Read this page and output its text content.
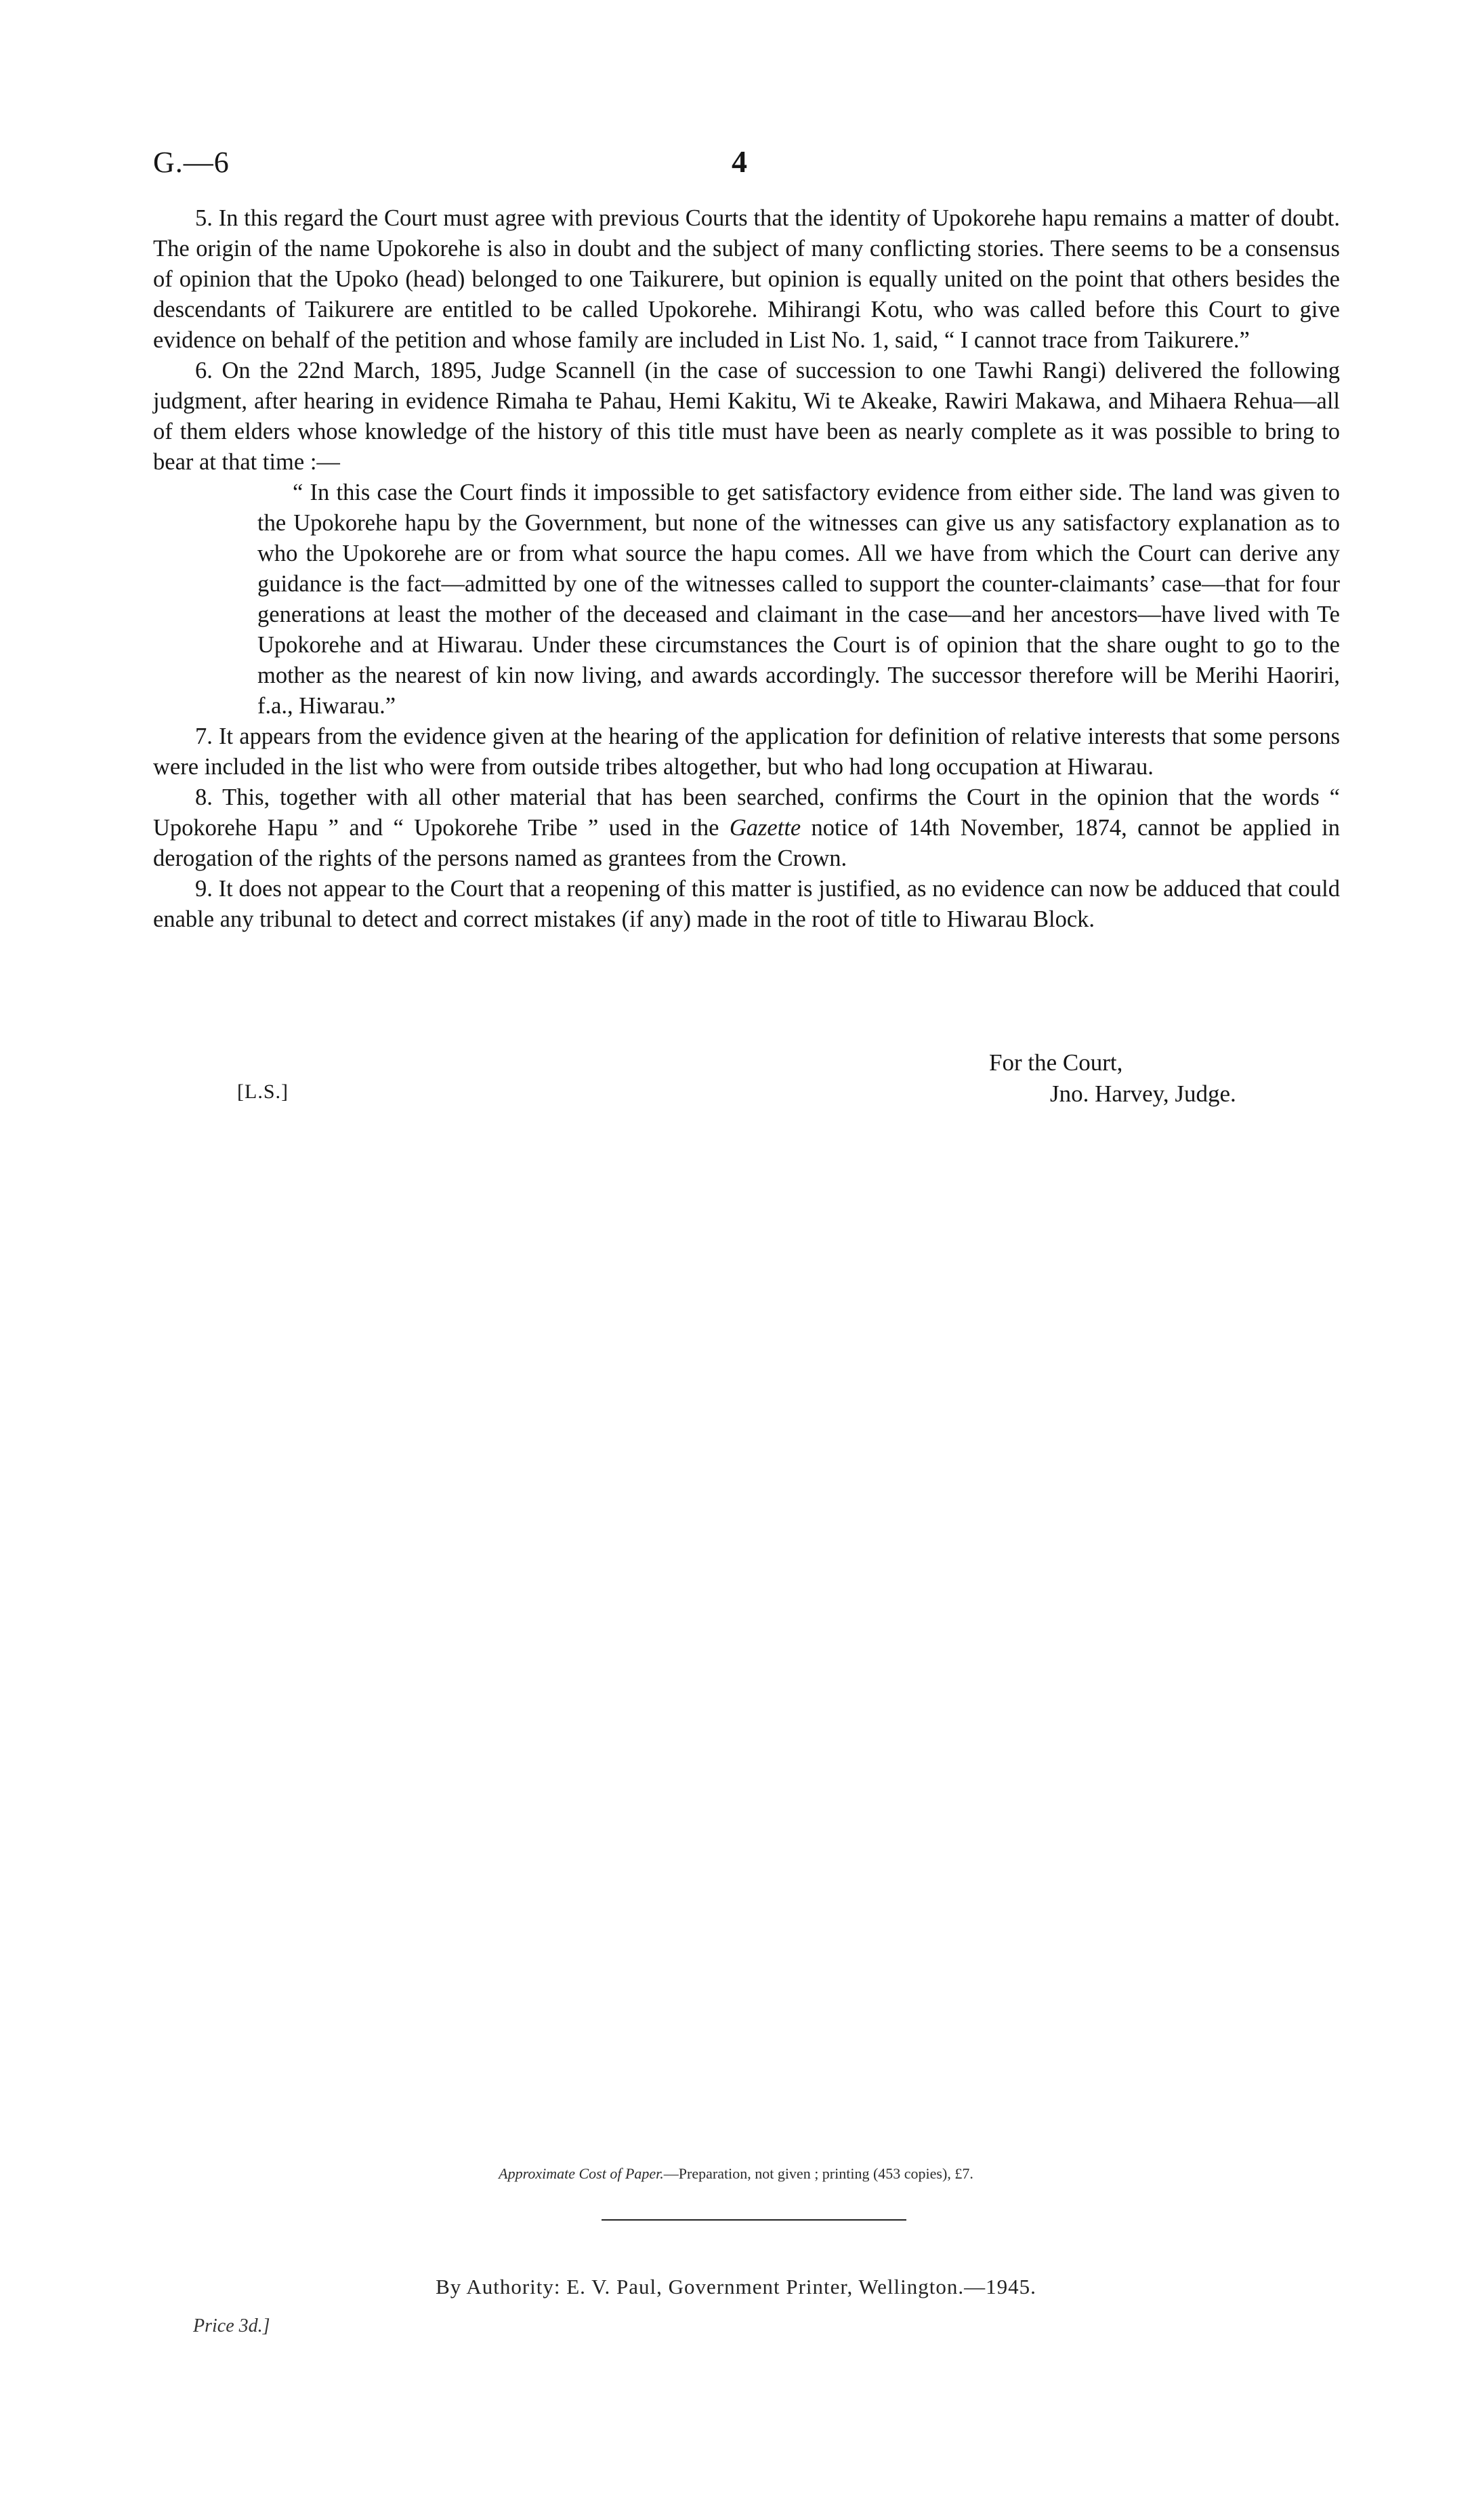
G.—6	4

5. In this regard the Court must agree with previous Courts that the identity of Upokorehe hapu remains a matter of doubt. The origin of the name Upokorehe is also in doubt and the subject of many conflicting stories. There seems to be a consensus of opinion that the Upoko (head) belonged to one Taikurere, but opinion is equally united on the point that others besides the descendants of Taikurere are entitled to be called Upokorehe. Mihirangi Kotu, who was called before this Court to give evidence on behalf of the petition and whose family are included in List No. 1, said, “ I cannot trace from Taikurere.”

6. On the 22nd March, 1895, Judge Scannell (in the case of succession to one Tawhi Rangi) delivered the following judgment, after hearing in evidence Rimaha te Pahau, Hemi Kakitu, Wi te Akeake, Rawiri Makawa, and Mihaera Rehua—all of them elders whose knowledge of the history of this title must have been as nearly complete as it was possible to bring to bear at that time :—

“ In this case the Court finds it impossible to get satisfactory evidence from either side. The land was given to the Upokorehe hapu by the Government, but none of the witnesses can give us any satisfactory explanation as to who the Upokorehe are or from what source the hapu comes. All we have from which the Court can derive any guidance is the fact—admitted by one of the witnesses called to support the counter-claimants’ case—that for four generations at least the mother of the deceased and claimant in the case—and her ancestors—have lived with Te Upokorehe and at Hiwarau. Under these circumstances the Court is of opinion that the share ought to go to the mother as the nearest of kin now living, and awards accordingly. The successor therefore will be Merihi Haoriri, f.a., Hiwarau.”

7. It appears from the evidence given at the hearing of the application for definition of relative interests that some persons were included in the list who were from outside tribes altogether, but who had long occupation at Hiwarau.

8. This, together with all other material that has been searched, confirms the Court in the opinion that the words “ Upokorehe Hapu ” and “ Upokorehe Tribe ” used in the Gazette notice of 14th November, 1874, cannot be applied in derogation of the rights of the persons named as grantees from the Crown.

9. It does not appear to the Court that a reopening of this matter is justified, as no evidence can now be adduced that could enable any tribunal to detect and correct mistakes (if any) made in the root of title to Hiwarau Block.

For the Court,
Jno. Harvey, Judge.
[L.S.]
Approximate Cost of Paper.—Preparation, not given ; printing (453 copies), £7.
By Authority: E. V. Paul, Government Printer, Wellington.—1945.
Price 3d.]
